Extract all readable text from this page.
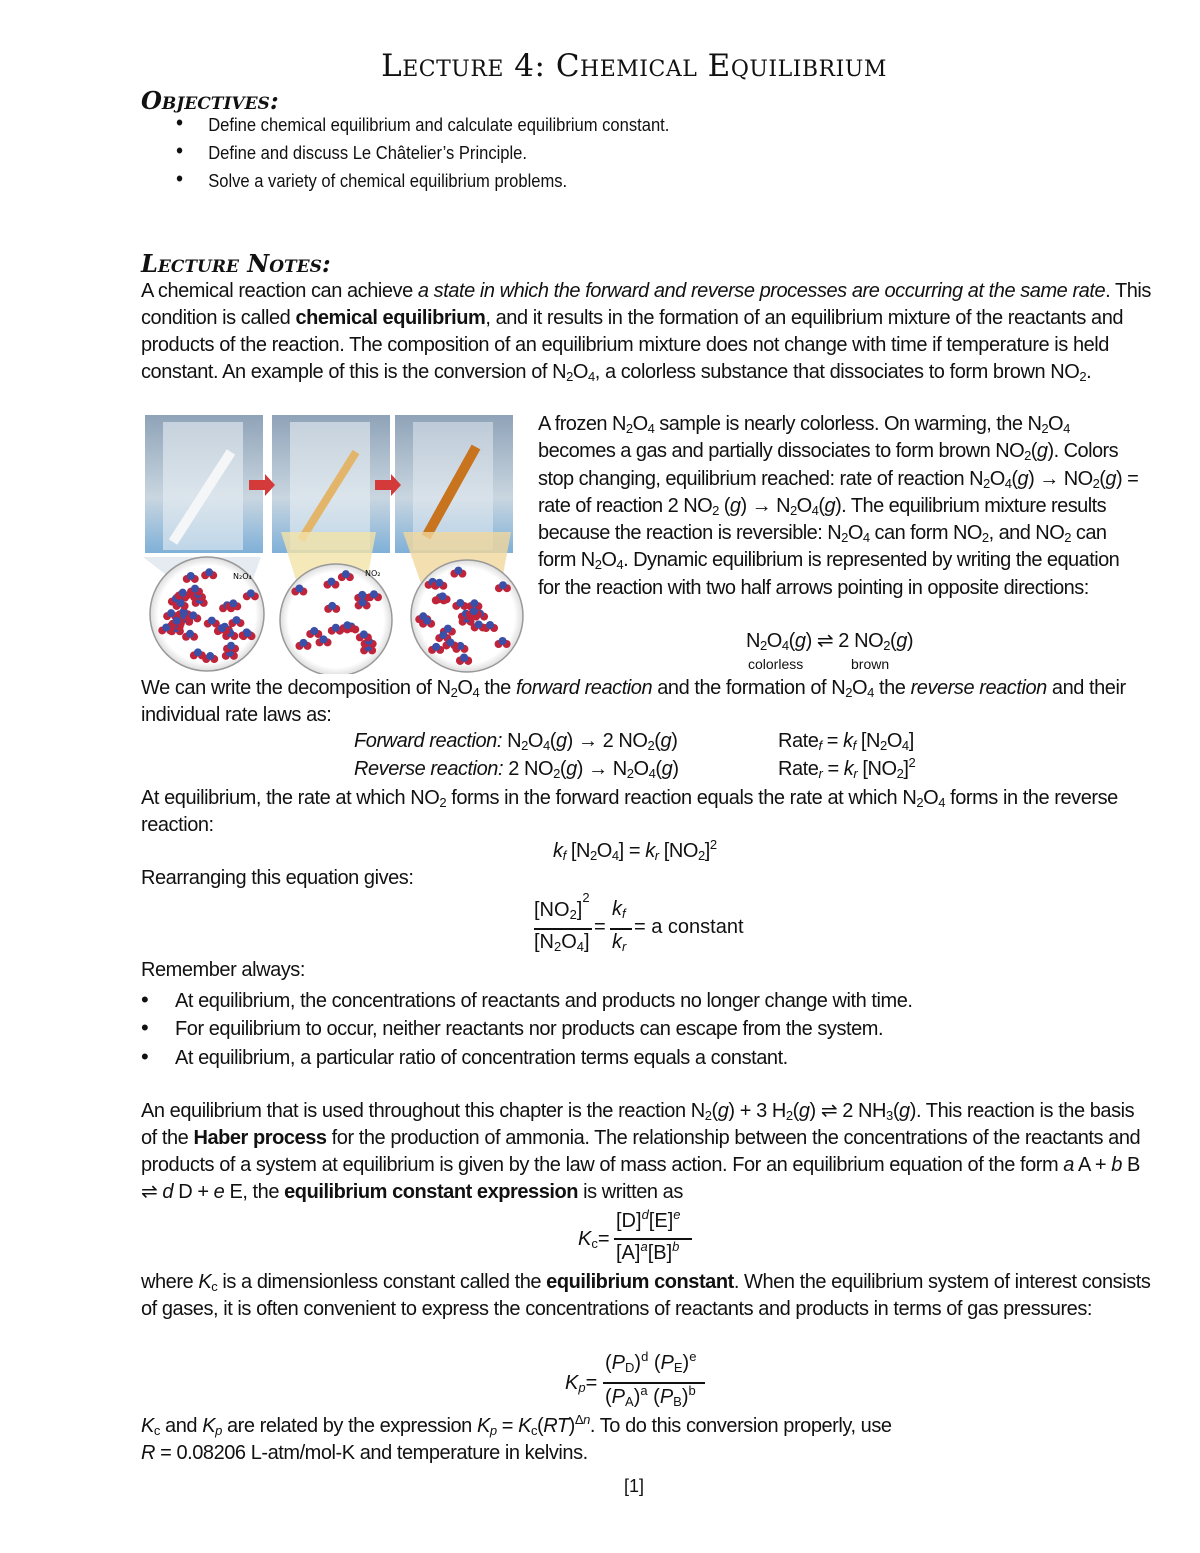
Lecture 4: Chemical Equilibrium
Objectives:
• Define chemical equilibrium and calculate equilibrium constant.
• Define and discuss Le Châtelier’s Principle.
• Solve a variety of chemical equilibrium problems.
Lecture Notes:
A chemical reaction can achieve a state in which the forward and reverse processes are occurring at the same rate. This condition is called chemical equilibrium, and it results in the formation of an equilibrium mixture of the reactants and products of the reaction. The composition of an equilibrium mixture does not change with time if temperature is held constant. An example of this is the conversion of $N_2O_4$, a colorless substance that dissociates to form brown $NO_2$.
N₂O₄	NO₂
A frozen $N_2O_4$ sample is nearly colorless. On warming, the $N_2O_4$ becomes a gas and partially dissociates to form brown $NO_2(g)$. Colors stop changing, equilibrium reached: rate of reaction $N_2O_4(g) \to NO_2(g)$ = rate of reaction 2 $NO_2$ $(g) \to N_2O_4(g)$. The equilibrium mixture results because the reaction is reversible: $N_2O_4$ can form $NO_2$, and $NO_2$ can form $N_2O_4$. Dynamic equilibrium is represented by writing the equation for the reaction with two half arrows pointing in opposite directions:
$N_2O_4(g)$ ⇌ 2 $NO_2(g)$
colorless	brown
We can write the decomposition of $N_2O_4$ the forward reaction and the formation of $N_2O_4$ the reverse reaction and their individual rate laws as:
Forward reaction: $N_2O_4(g) \to 2$ $NO_2(g)$	Rate$_f$ = $k_f$ $[N_2O_4]$
Reverse reaction: 2 $NO_2(g) \to N_2O_4(g)$	Rate$_r$ = $k_r$ $[NO_2]^2$
At equilibrium, the rate at which $NO_2$ forms in the forward reaction equals the rate at which $N_2O_4$ forms in the reverse reaction:
$k_f$ $[N_2O_4] = k_r$ $[NO_2]^2$
Rearranging this equation gives:
$[NO_2]^2$
$[N_2O_4]$
=
$k_f$
$k_r$
= a constant
Remember always:
• At equilibrium, the concentrations of reactants and products no longer change with time.
• For equilibrium to occur, neither reactants nor products can escape from the system.
• At equilibrium, a particular ratio of concentration terms equals a constant.
An equilibrium that is used throughout this chapter is the reaction $N_2(g) + 3$ $H_2(g)$ ⇌ 2 $NH_3(g)$. This reaction is the basis of the Haber process for the production of ammonia. The relationship between the concentrations of the reactants and products of a system at equilibrium is given by the law of mass action. For an equilibrium equation of the form a A + b B ⇌ d D + e E, the equilibrium constant expression is written as
$K_c=$
$[D]^d[E]^e$
$[A]^a[B]^b$
where $K_c$ is a dimensionless constant called the equilibrium constant. When the equilibrium system of interest consists of gases, it is often convenient to express the concentrations of reactants and products in terms of gas pressures:
$K_p=$
$(P_D)^d$ $(P_E)^e$
$(P_A)^a$ $(P_B)^b$
$K_c$ and $K_p$ are related by the expression $K_p = K_c(RT)^{\Delta n}$. To do this conversion properly, use
R = 0.08206 L-atm/mol-K and temperature in kelvins.
[1]
